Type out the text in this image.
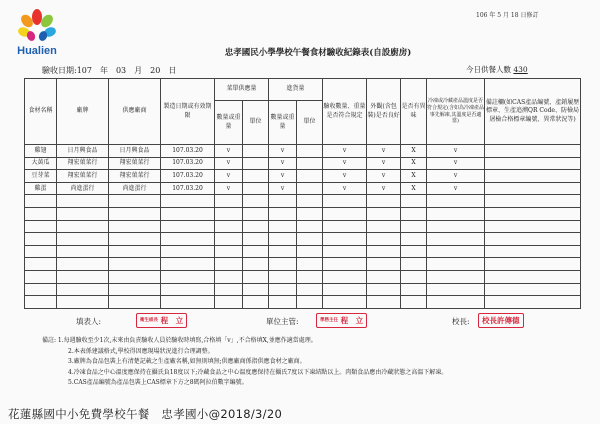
Hualien
106 年 5 月 18 日修訂
忠孝國民小學學校午餐食材驗收紀錄表(自設廚房)
驗收日期:107　年　03　月　20　日	今日供餐人數 430
食材名稱	廠牌	供應廠商	製造日期或有效期限	菜單供應量		進貨量		驗收數量、重量是否符合規定	外觀(含包裝)是否良好	是否有異味	冷凍或冷藏產品溫度是否符合規定(含如為冷凍產品事先解凍,其溫度是否適當)	備註欄(如CAS產品編號、產銷履歷標章、生產追溯QR Code、防檢局屠檢合格標章編號、異常狀況等)
				數量或重量	單位	數量或重量	單位					
雞翅	日月興食品	日月興食品	107.03.20	v		v		v	v	X	v	
大黃瓜	翔宏菓菜行	翔宏菓菜行	107.03.20	v		v		v	v	X	v	
豆芽菜	翔宏菓菜行	翔宏菓菜行	107.03.20	v		v		v	v	X	v	
雞蛋	尚進蛋行	尚進蛋行	107.03.20	v		v		v	v	X	v	

填表人:	衛生組長 程　立	單位主管:	學務主任 程　立	校長:	校長許傳德
備註: 1.每週驗收至少1次,未來由負責驗收人員於驗收時填寫,合格填「v」,不合格填X,並應作適當處理。
2.本表係建議格式,學校得因應現場狀況進行合理調整。
3.廠牌為食品包裝上有清楚記載之生產廠名稱,如無則填無;供應廠商係指供應食材之廠商。
4.冷凍食品之中心溫度應保持在攝氏負18度以下;冷藏食品之中心溫度應保持在攝氏7度以下凍結點以上。肉類食品應由冷藏狀態之高溫下解凍。
5.CAS產品編號為產品包裝上CAS標章下方之8碼阿拉伯數字編號。
花蓮縣國中小免費學校午餐　忠孝國小@2018/3/20
